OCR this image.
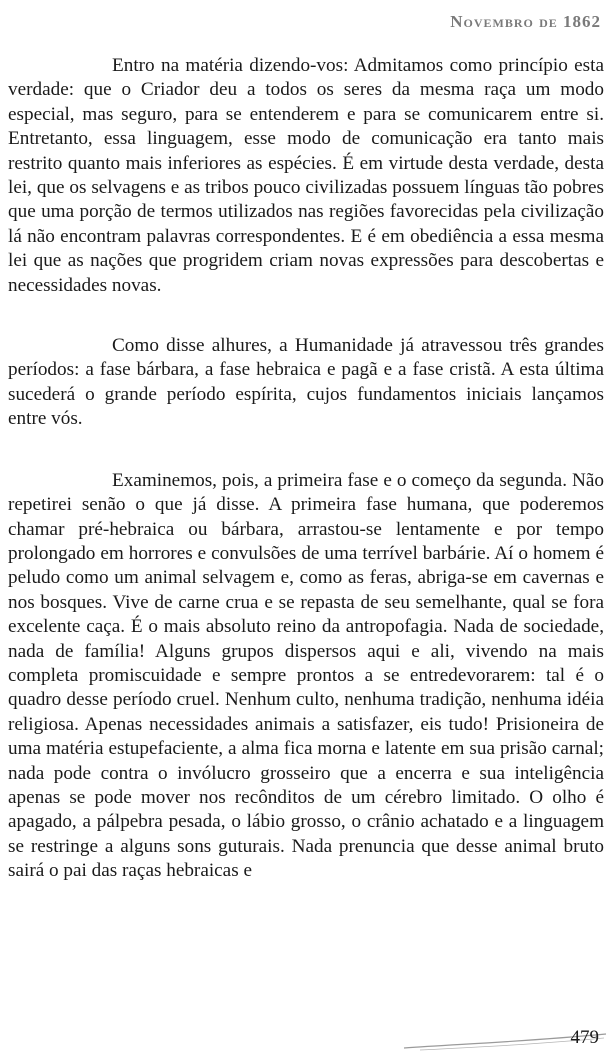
Novembro de 1862

Entro na matéria dizendo-vos: Admitamos como princípio esta verdade: que o Criador deu a todos os seres da mesma raça um modo especial, mas seguro, para se entenderem e para se comunicarem entre si. Entretanto, essa linguagem, esse modo de comunicação era tanto mais restrito quanto mais inferiores as espécies. É em virtude desta verdade, desta lei, que os selvagens e as tribos pouco civilizadas possuem línguas tão pobres que uma porção de termos utilizados nas regiões favorecidas pela civilização lá não encontram palavras correspondentes. E é em obediência a essa mesma lei que as nações que progridem criam novas expressões para descobertas e necessidades novas.

Como disse alhures, a Humanidade já atravessou três grandes períodos: a fase bárbara, a fase hebraica e pagã e a fase cristã. A esta última sucederá o grande período espírita, cujos fundamentos iniciais lançamos entre vós.

Examinemos, pois, a primeira fase e o começo da segunda. Não repetirei senão o que já disse. A primeira fase humana, que poderemos chamar pré-hebraica ou bárbara, arrastou-se lentamente e por tempo prolongado em horrores e convulsões de uma terrível barbárie. Aí o homem é peludo como um animal selvagem e, como as feras, abriga-se em cavernas e nos bosques. Vive de carne crua e se repasta de seu semelhante, qual se fora excelente caça. É o mais absoluto reino da antropofagia. Nada de sociedade, nada de família! Alguns grupos dispersos aqui e ali, vivendo na mais completa promiscuidade e sempre prontos a se entredevorarem: tal é o quadro desse período cruel. Nenhum culto, nenhuma tradição, nenhuma idéia religiosa. Apenas necessidades animais a satisfazer, eis tudo! Prisioneira de uma matéria estupefaciente, a alma fica morna e latente em sua prisão carnal; nada pode contra o invólucro grosseiro que a encerra e sua inteligência apenas se pode mover nos recônditos de um cérebro limitado. O olho é apagado, a pálpebra pesada, o lábio grosso, o crânio achatado e a linguagem se restringe a alguns sons guturais. Nada prenuncia que desse animal bruto sairá o pai das raças hebraicas e

479
